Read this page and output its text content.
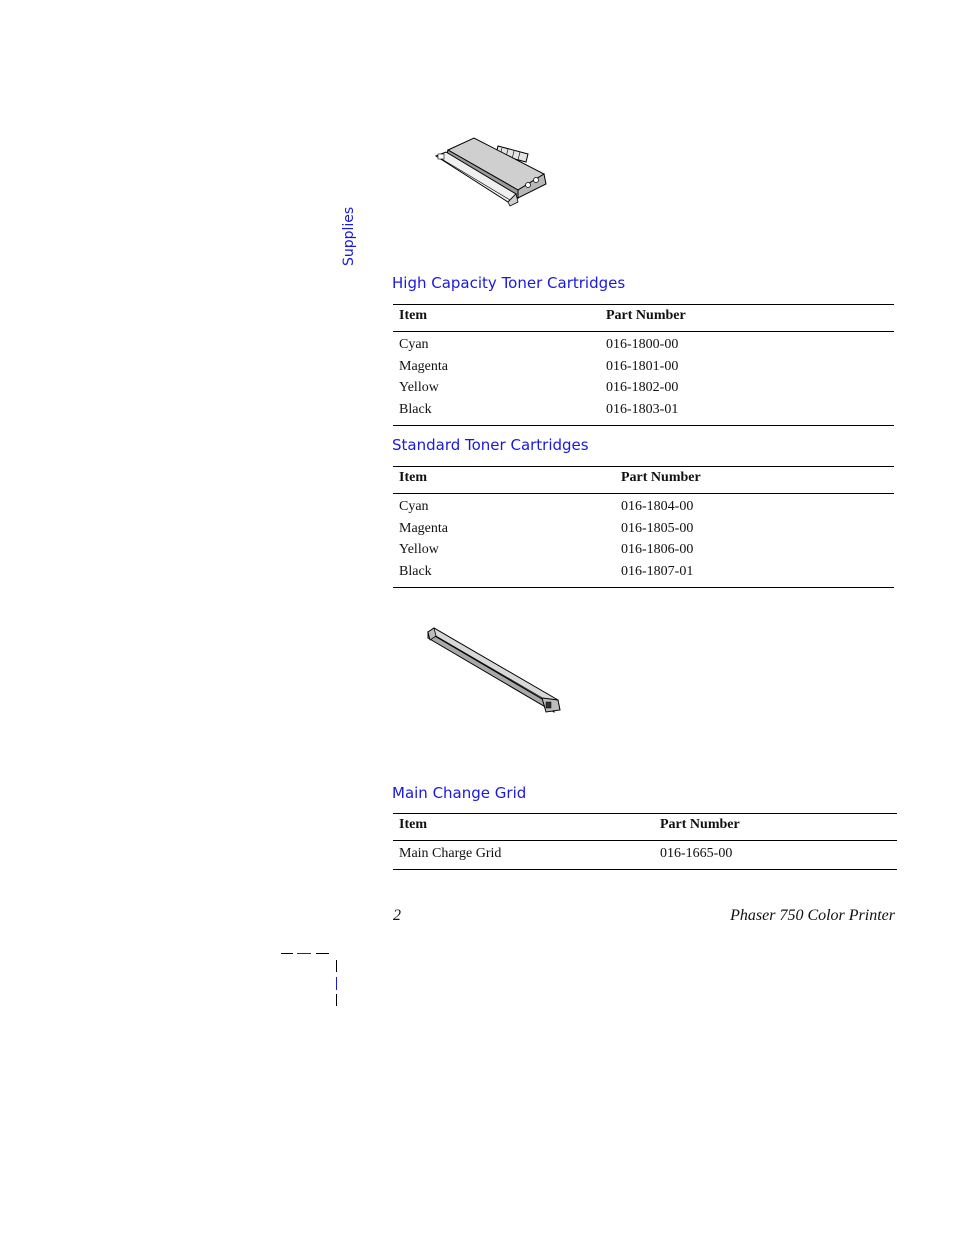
Supplies
High Capacity Toner Cartridges
Item	Part Number
Cyan	016-1800-00
Magenta	016-1801-00
Yellow	016-1802-00
Black	016-1803-01
Standard Toner Cartridges
Item	Part Number
Cyan	016-1804-00
Magenta	016-1805-00
Yellow	016-1806-00
Black	016-1807-01
Main Change Grid
Item	Part Number
Main Charge Grid	016-1665-00
2	Phaser 750 Color Printer
